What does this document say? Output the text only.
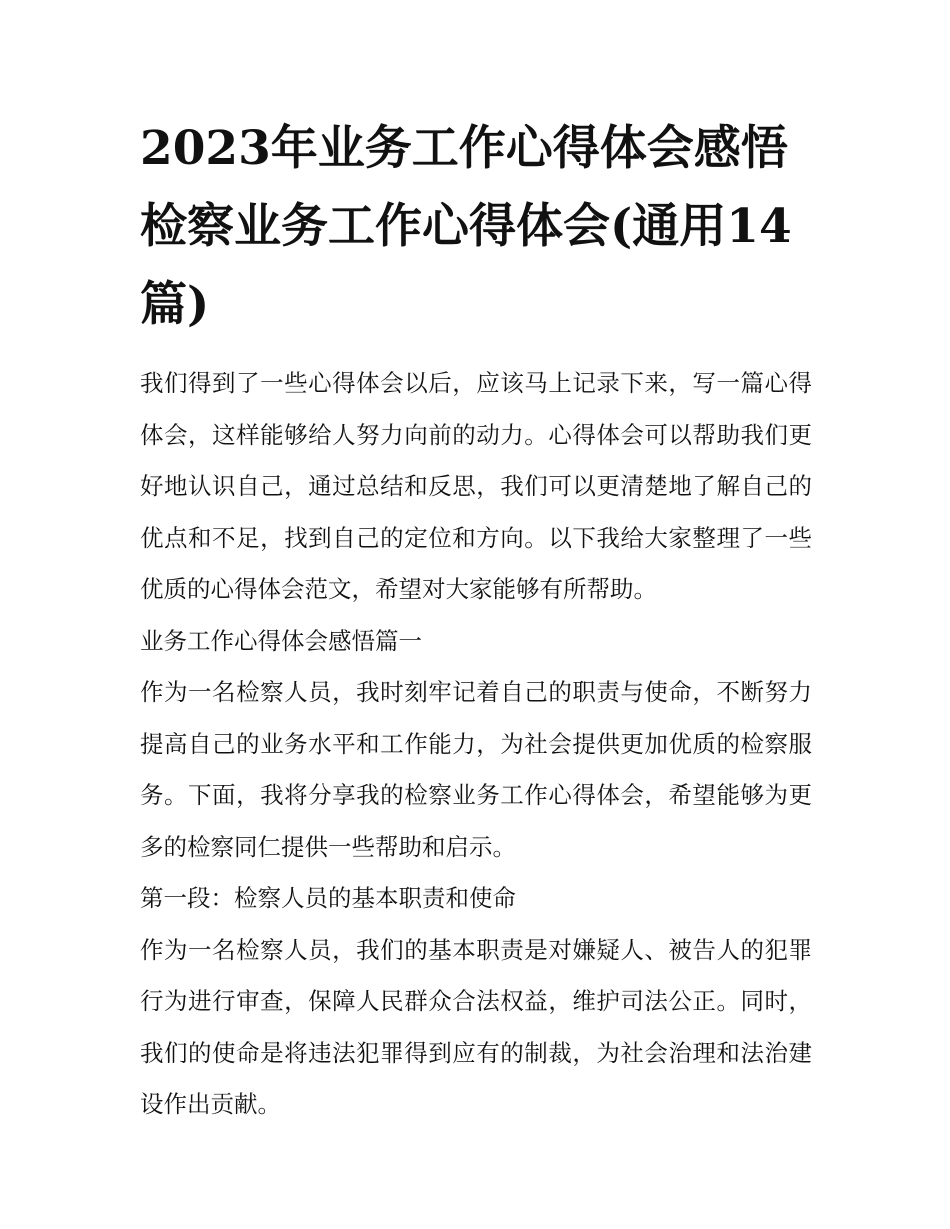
2023年业务工作心得体会感悟检察业务工作心得体会(通用14篇)

我们得到了一些心得体会以后，应该马上记录下来，写一篇心得体会，这样能够给人努力向前的动力。心得体会可以帮助我们更好地认识自己，通过总结和反思，我们可以更清楚地了解自己的优点和不足，找到自己的定位和方向。以下我给大家整理了一些优质的心得体会范文，希望对大家能够有所帮助。

业务工作心得体会感悟篇一

作为一名检察人员，我时刻牢记着自己的职责与使命，不断努力提高自己的业务水平和工作能力，为社会提供更加优质的检察服务。下面，我将分享我的检察业务工作心得体会，希望能够为更多的检察同仁提供一些帮助和启示。

第一段：检察人员的基本职责和使命

作为一名检察人员，我们的基本职责是对嫌疑人、被告人的犯罪行为进行审查，保障人民群众合法权益，维护司法公正。同时，我们的使命是将违法犯罪得到应有的制裁，为社会治理和法治建设作出贡献。
